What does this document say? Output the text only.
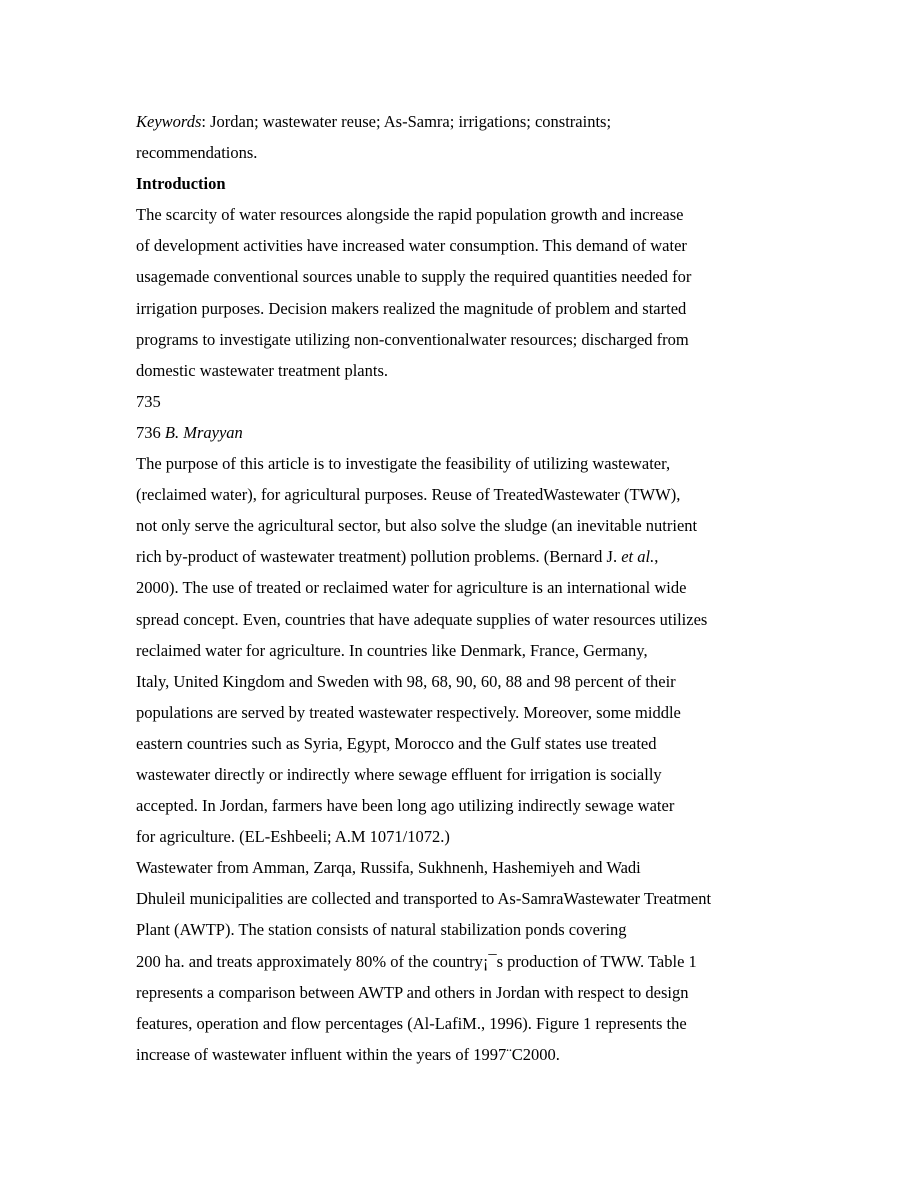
Keywords: Jordan; wastewater reuse; As-Samra; irrigations; constraints;
recommendations.
Introduction
The scarcity of water resources alongside the rapid population growth and increase
of development activities have increased water consumption. This demand of water
usagemade conventional sources unable to supply the required quantities needed for
irrigation purposes. Decision makers realized the magnitude of problem and started
programs to investigate utilizing non-conventionalwater resources; discharged from
domestic wastewater treatment plants.
735
736 B. Mrayyan
The purpose of this article is to investigate the feasibility of utilizing wastewater,
(reclaimed water), for agricultural purposes. Reuse of TreatedWastewater (TWW),
not only serve the agricultural sector, but also solve the sludge (an inevitable nutrient
rich by-product of wastewater treatment) pollution problems. (Bernard J. et al.,
2000). The use of treated or reclaimed water for agriculture is an international wide
spread concept. Even, countries that have adequate supplies of water resources utilizes
reclaimed water for agriculture. In countries like Denmark, France, Germany,
Italy, United Kingdom and Sweden with 98, 68, 90, 60, 88 and 98 percent of their
populations are served by treated wastewater respectively. Moreover, some middle
eastern countries such as Syria, Egypt, Morocco and the Gulf states use treated
wastewater directly or indirectly where sewage effluent for irrigation is socially
accepted. In Jordan, farmers have been long ago utilizing indirectly sewage water
for agriculture. (EL-Eshbeeli; A.M 1071/1072.)
Wastewater from Amman, Zarqa, Russifa, Sukhnenh, Hashemiyeh and Wadi
Dhuleil municipalities are collected and transported to As-SamraWastewater Treatment
Plant (AWTP). The station consists of natural stabilization ponds covering
200 ha. and treats approximately 80% of the country¡¯s production of TWW. Table 1
represents a comparison between AWTP and others in Jordan with respect to design
features, operation and flow percentages (Al-LafiM., 1996). Figure 1 represents the
increase of wastewater influent within the years of 1997¨C2000.
